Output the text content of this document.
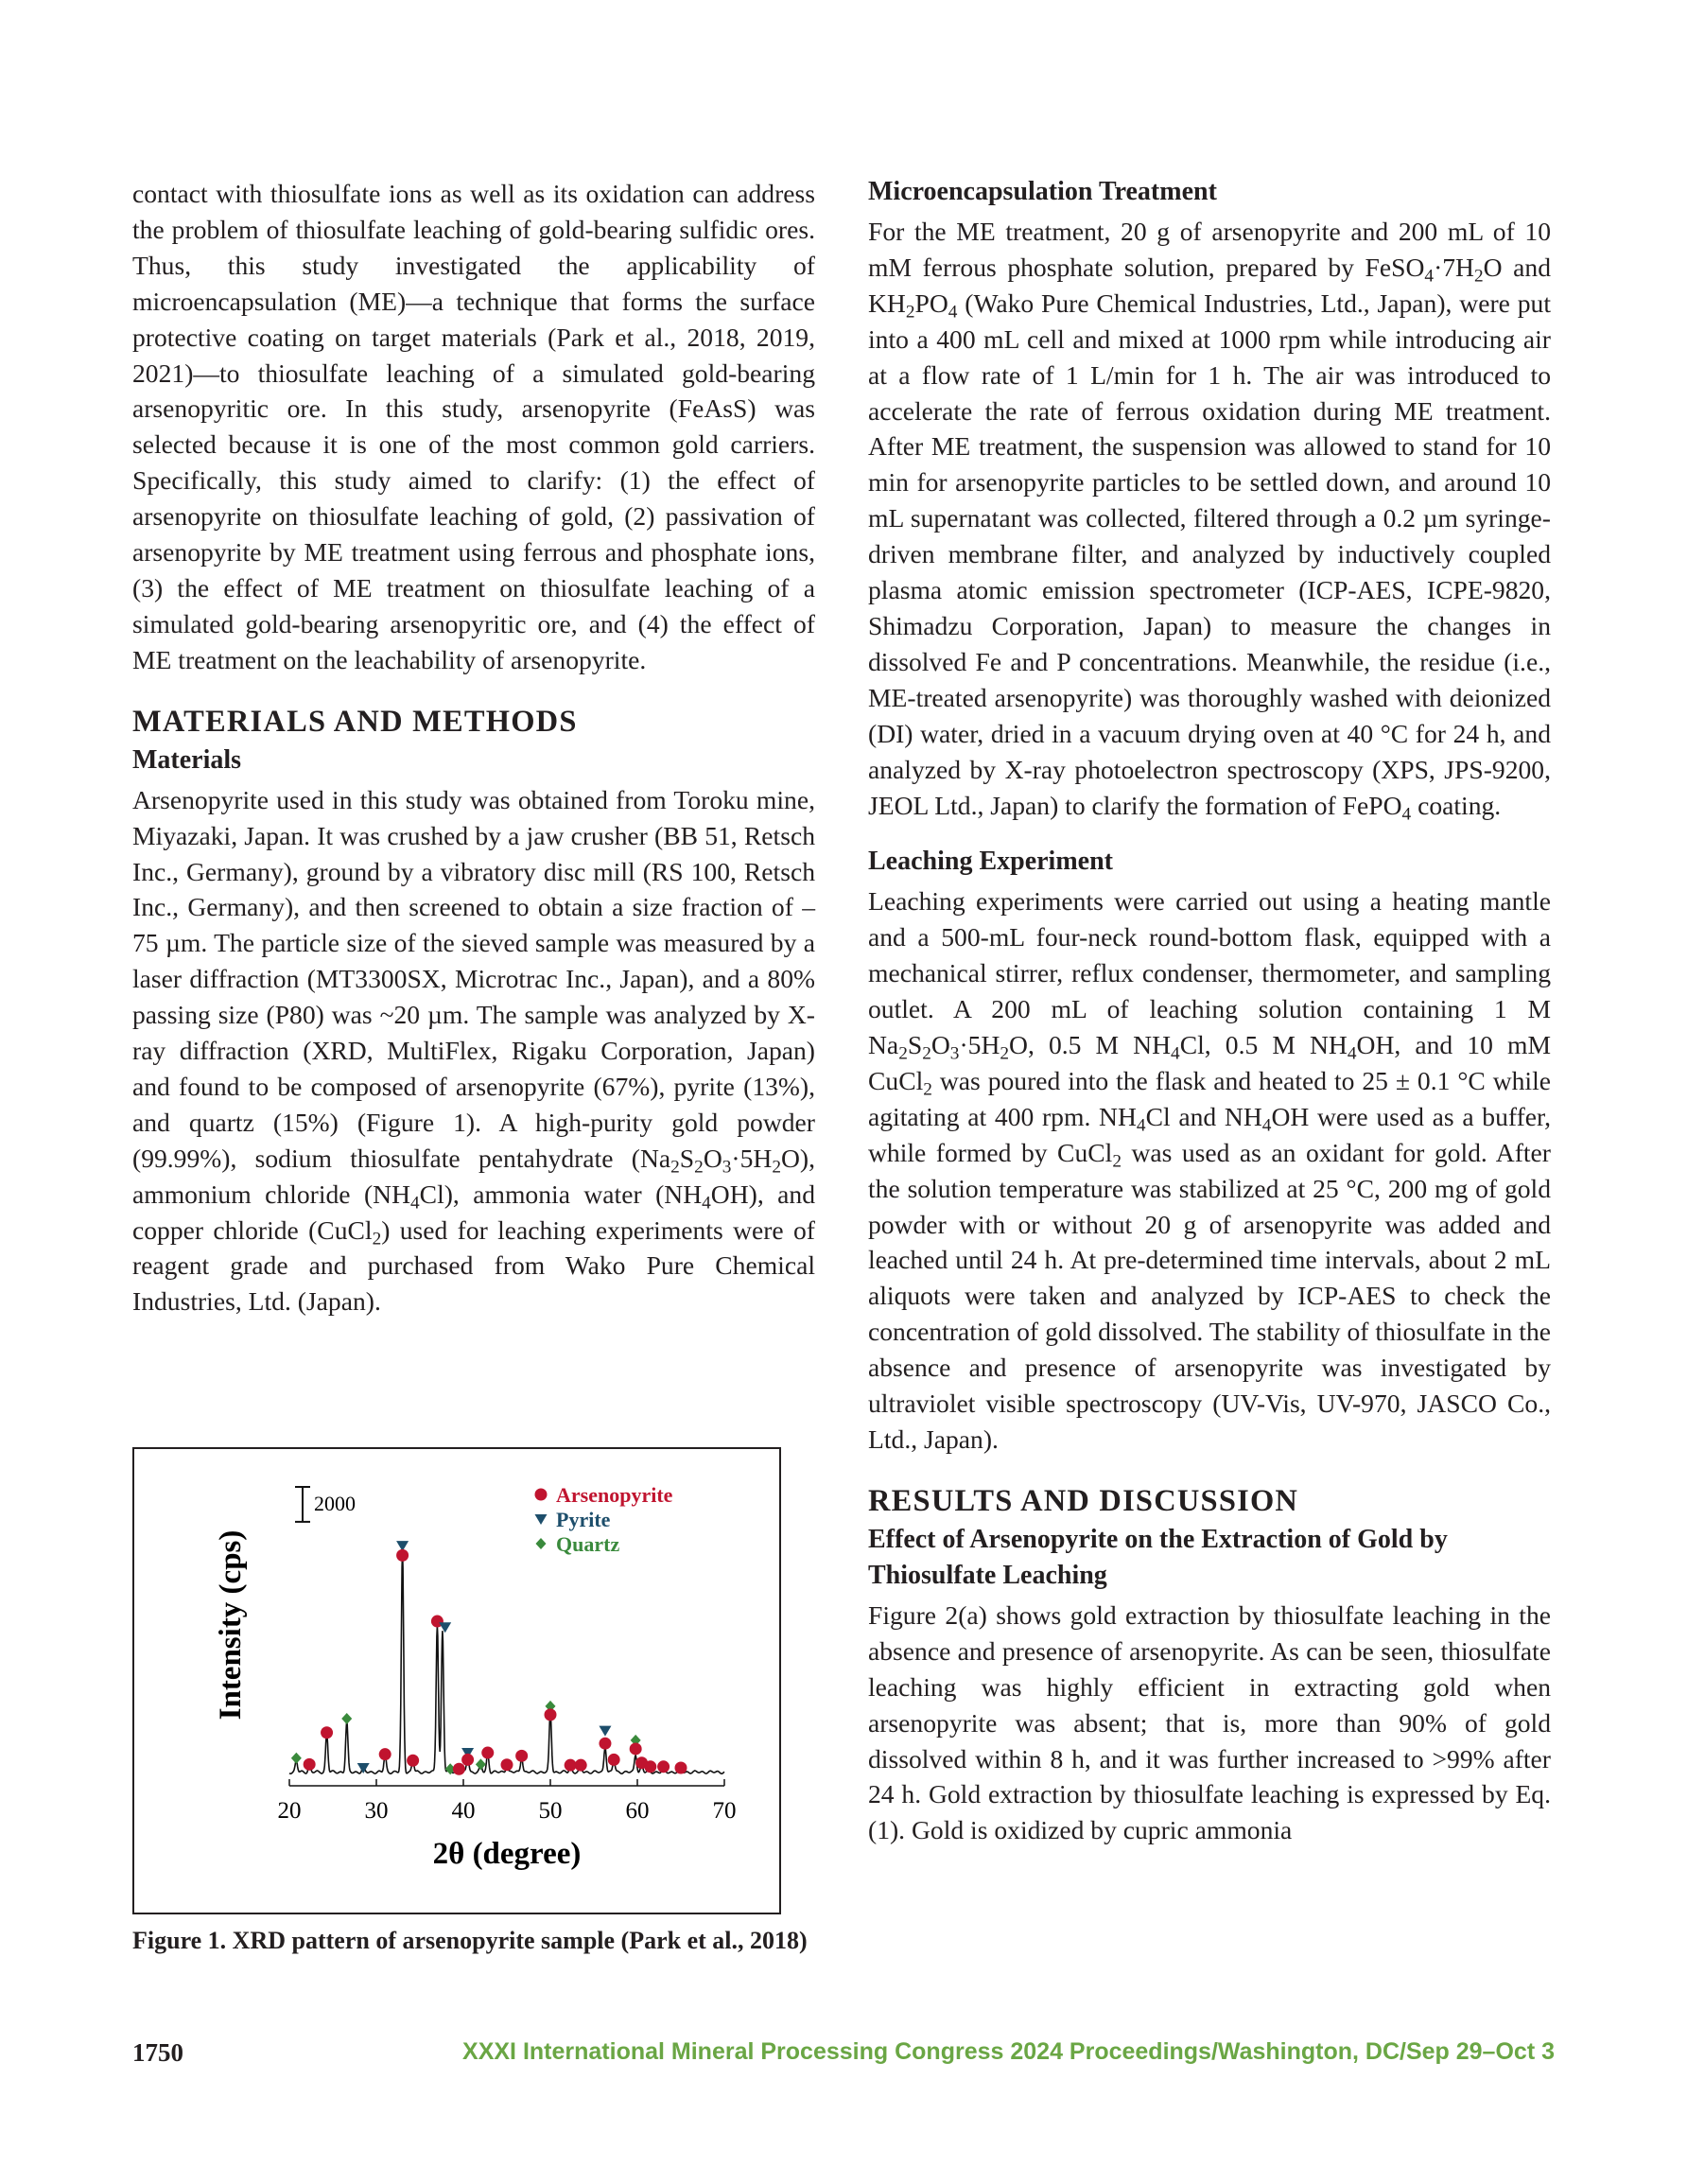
contact with thiosulfate ions as well as its oxidation can address the problem of thiosulfate leaching of gold-bearing sulfidic ores. Thus, this study investigated the applicability of microencapsulation (ME)—a technique that forms the surface protective coating on target materials (Park et al., 2018, 2019, 2021)—to thiosulfate leaching of a simulated gold-bearing arsenopyritic ore. In this study, arsenopyrite (FeAsS) was selected because it is one of the most common gold carriers. Specifically, this study aimed to clarify: (1) the effect of arsenopyrite on thiosulfate leaching of gold, (2) passivation of arsenopyrite by ME treatment using ferrous and phosphate ions, (3) the effect of ME treatment on thiosulfate leaching of a simulated gold-bearing arsenopyritic ore, and (4) the effect of ME treatment on the leachability of arsenopyrite.

MATERIALS AND METHODS
Materials

Arsenopyrite used in this study was obtained from Toroku mine, Miyazaki, Japan. It was crushed by a jaw crusher (BB 51, Retsch Inc., Germany), ground by a vibratory disc mill (RS 100, Retsch Inc., Germany), and then screened to obtain a size fraction of –75 µm. The particle size of the sieved sample was measured by a laser diffraction (MT3300SX, Microtrac Inc., Japan), and a 80% passing size (P80) was ~20 µm. The sample was analyzed by X-ray diffraction (XRD, MultiFlex, Rigaku Corporation, Japan) and found to be composed of arsenopyrite (67%), pyrite (13%), and quartz (15%) (Figure 1). A high-purity gold powder (99.99%), sodium thiosulfate pentahydrate $(Na_2S_2O_3\cdot 5H_2O)$, ammonium chloride $(NH_4Cl)$, ammonia water $(NH_4OH)$, and copper chloride (CuCl$_2$) used for leaching experiments were of reagent grade and purchased from Wako Pure Chemical Industries, Ltd. (Japan).

20	30	40	50	60	70
2θ (degree)
Intensity (cps)
2000	Arsenopyrite
Pyrite
Quartz
Figure 1. XRD pattern of arsenopyrite sample (Park et al., 2018)
Microencapsulation Treatment

For the ME treatment, 20 g of arsenopyrite and 200 mL of 10 mM ferrous phosphate solution, prepared by $FeSO_4\cdot 7H_2O$ and $KH_2PO_4$ (Wako Pure Chemical Industries, Ltd., Japan), were put into a 400 mL cell and mixed at 1000 rpm while introducing air at a flow rate of 1 L/min for 1 h. The air was introduced to accelerate the rate of ferrous oxidation during ME treatment. After ME treatment, the suspension was allowed to stand for 10 min for arsenopyrite particles to be settled down, and around 10 mL supernatant was collected, filtered through a 0.2 µm syringe-driven membrane filter, and analyzed by inductively coupled plasma atomic emission spectrometer (ICP-AES, ICPE-9820, Shimadzu Corporation, Japan) to measure the changes in dissolved Fe and P concentrations. Meanwhile, the residue (i.e., ME-treated arsenopyrite) was thoroughly washed with deionized (DI) water, dried in a vacuum drying oven at 40 °C for 24 h, and analyzed by X-ray photoelectron spectroscopy (XPS, JPS-9200, JEOL Ltd., Japan) to clarify the formation of FePO$_4$ coating.

Leaching Experiment

Leaching experiments were carried out using a heating mantle and a 500-mL four-neck round-bottom flask, equipped with a mechanical stirrer, reflux condenser, thermometer, and sampling outlet. A 200 mL of leaching solution containing 1 M $Na_2S_2O_3\cdot 5H_2O$, 0.5 M $NH_4Cl$, 0.5 M $NH_4OH$, and 10 mM CuCl$_2$ was poured into the flask and heated to 25 ± 0.1 °C while agitating at 400 rpm. $NH_4Cl$ and $NH_4OH$ were used as a buffer, while formed by CuCl$_2$ was used as an oxidant for gold. After the solution temperature was stabilized at 25 °C, 200 mg of gold powder with or without 20 g of arsenopyrite was added and leached until 24 h. At pre-determined time intervals, about 2 mL aliquots were taken and analyzed by ICP-AES to check the concentration of gold dissolved. The stability of thiosulfate in the absence and presence of arsenopyrite was investigated by ultraviolet visible spectroscopy (UV-Vis, UV-970, JASCO Co., Ltd., Japan).

RESULTS AND DISCUSSION
Effect of Arsenopyrite on the Extraction of Gold by Thiosulfate Leaching

Figure 2(a) shows gold extraction by thiosulfate leaching in the absence and presence of arsenopyrite. As can be seen, thiosulfate leaching was highly efficient in extracting gold when arsenopyrite was absent; that is, more than 90% of gold dissolved within 8 h, and it was further increased to >99% after 24 h. Gold extraction by thiosulfate leaching is expressed by Eq. (1). Gold is oxidized by cupric ammonia

1750	XXXI International Mineral Processing Congress 2024 Proceedings/Washington, DC/Sep 29–Oct 3
